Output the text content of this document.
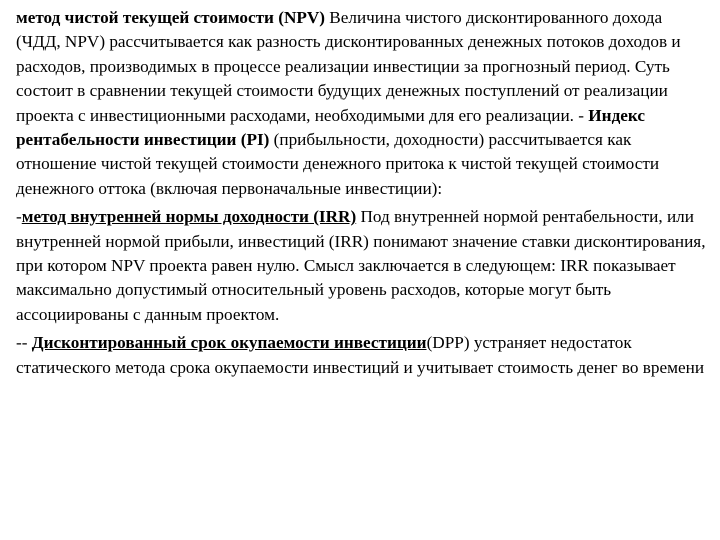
метод чистой текущей стоимости (NPV) Величина чистого дисконтированного дохода (ЧДД, NPV) рассчитывается как разность дисконтированных денежных потоков доходов и расходов, производимых в процессе реализации инвестиции за прогнозный период. Суть состоит в сравнении текущей стоимости будущих денежных поступлений от реализации проекта с инвестиционными расходами, необходимыми для его реализации. - Индекс рентабельности инвестиции (PI) (прибыльности, доходности) рассчитывается как отношение чистой текущей стоимости денежного притока к чистой текущей стоимости денежного оттока (включая первоначальные инвестиции):

-метод внутренней нормы доходности (IRR) Под внутренней нормой рентабельности, или внутренней нормой прибыли, инвестиций (IRR) понимают значение ставки дисконтирования, при котором NPV проекта равен нулю. Смысл заключается в следующем: IRR показывает максимально допустимый относительный уровень расходов, которые могут быть ассоциированы с данным проектом.

-- Дисконтированный срок окупаемости инвестиции(DPP) устраняет недостаток статического метода срока окупаемости инвестиций и учитывает стоимость денег во времени
